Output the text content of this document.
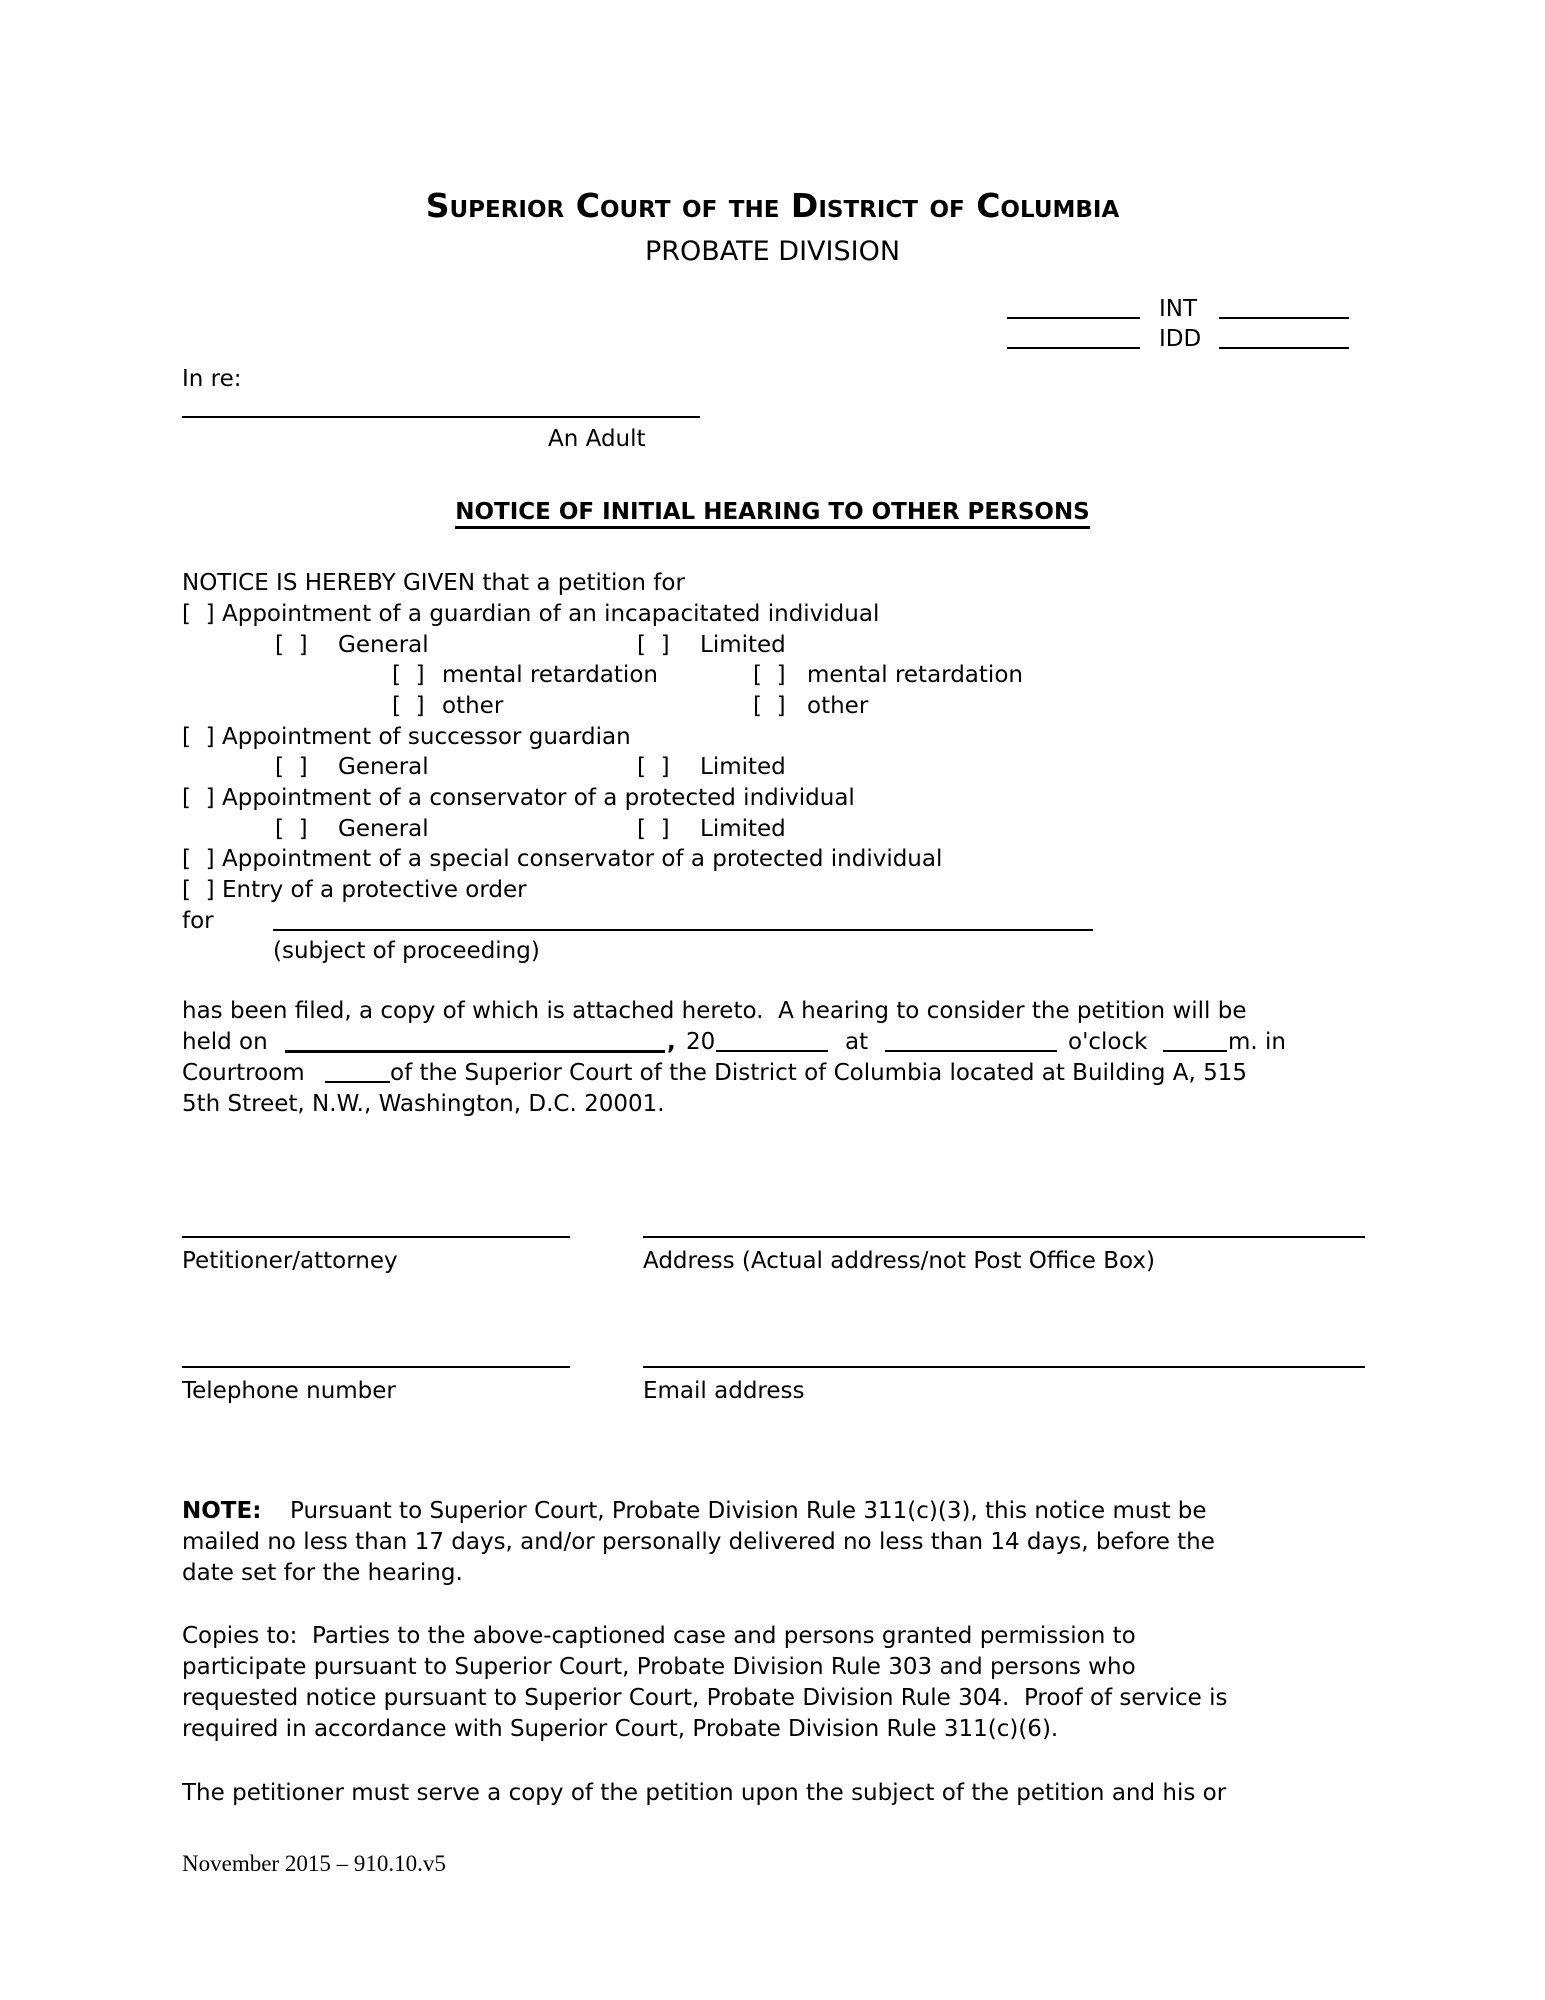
Superior Court of the District of Columbia
PROBATE DIVISION
INT
IDD
In re:
An Adult
NOTICE OF INITIAL HEARING TO OTHER PERSONS
NOTICE IS HEREBY GIVEN that a petition for
[  ] Appointment of a guardian of an incapacitated individual
[  ] General	[  ] Limited
[  ] mental retardation	[  ] mental retardation
[  ] other	[  ] other
[  ] Appointment of successor guardian
[  ] General	[  ] Limited
[  ] Appointment of a conservator of a protected individual
[  ] General	[  ] Limited
[  ] Appointment of a special conservator of a protected individual
[  ] Entry of a protective order
for
(subject of proceeding)
has been filed, a copy of which is attached hereto.  A hearing to consider the petition will be
held on	, 20	at	o'clock	m. in
Courtroom	of the Superior Court of the District of Columbia located at Building A, 515
5th Street, N.W., Washington, D.C. 20001.
Petitioner/attorney	Address (Actual address/not Post Office Box)
Telephone number	Email address
NOTE: Pursuant to Superior Court, Probate Division Rule 311(c)(3), this notice must be
mailed no less than 17 days, and/or personally delivered no less than 14 days, before the
date set for the hearing.
Copies to:  Parties to the above-captioned case and persons granted permission to
participate pursuant to Superior Court, Probate Division Rule 303 and persons who
requested notice pursuant to Superior Court, Probate Division Rule 304.  Proof of service is
required in accordance with Superior Court, Probate Division Rule 311(c)(6).
The petitioner must serve a copy of the petition upon the subject of the petition and his or
November 2015 – 910.10.v5
